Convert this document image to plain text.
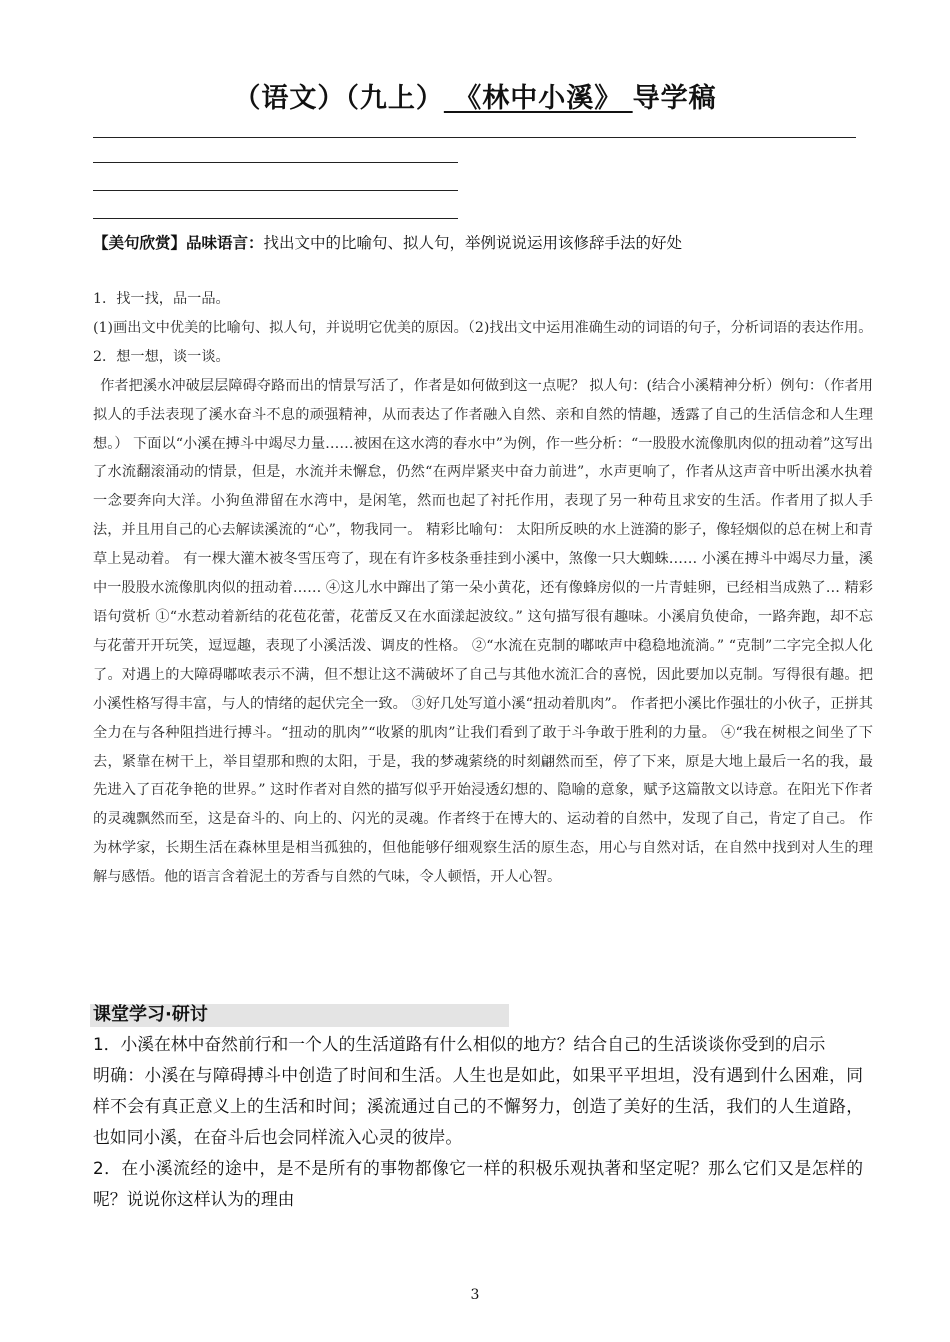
（语文）（九上） 《林中小溪》 导学稿
【美句欣赏】品味语言：找出文中的比喻句、拟人句，举例说说运用该修辞手法的好处

1．找一找，品一品。

(1)画出文中优美的比喻句、拟人句，并说明它优美的原因。（2)找出文中运用准确生动的词语的句子，分析词语的表达作用。

2．想一想，谈一谈。

作者把溪水冲破层层障碍夺路而出的情景写活了，作者是如何做到这一点呢？ 拟人句：(结合小溪精神分析）例句：（作者用拟人的手法表现了溪水奋斗不息的顽强精神，从而表达了作者融入自然、亲和自然的情趣，透露了自己的生活信念和人生理想。） 下面以“小溪在搏斗中竭尽力量……被困在这水湾的春水中”为例，作一些分析：“一股股水流像肌肉似的扭动着”这写出了水流翻滚涌动的情景，但是，水流并未懈怠，仍然“在两岸紧夹中奋力前进”，水声更响了，作者从这声音中听出溪水执着一念要奔向大洋。小狗鱼滞留在水湾中，是闲笔，然而也起了衬托作用，表现了另一种苟且求安的生活。作者用了拟人手法，并且用自己的心去解读溪流的“心”，物我同一。 精彩比喻句： 太阳所反映的水上涟漪的影子，像轻烟似的总在树上和青草上晃动着。 有一棵大灌木被冬雪压弯了，现在有许多枝条垂挂到小溪中，煞像一只大蜘蛛…… 小溪在搏斗中竭尽力量，溪中一股股水流像肌肉似的扭动着…… ④这儿水中蹿出了第一朵小黄花，还有像蜂房似的一片青蛙卵，已经相当成熟了… 精彩语句赏析 ①“水惹动着新结的花苞花蕾，花蕾反又在水面漾起波纹。” 这句描写很有趣味。小溪肩负使命，一路奔跑，却不忘与花蕾开开玩笑，逗逗趣，表现了小溪活泼、调皮的性格。 ②“水流在克制的嘟哝声中稳稳地流淌。” “克制”二字完全拟人化了。对遇上的大障碍嘟哝表示不满，但不想让这不满破坏了自己与其他水流汇合的喜悦，因此要加以克制。写得很有趣。把小溪性格写得丰富，与人的情绪的起伏完全一致。 ③好几处写道小溪“扭动着肌肉”。 作者把小溪比作强壮的小伙子，正拼其全力在与各种阻挡进行搏斗。“扭动的肌肉”“收紧的肌肉”让我们看到了敢于斗争敢于胜利的力量。 ④“我在树根之间坐了下去，紧靠在树干上，举目望那和煦的太阳，于是，我的梦魂萦绕的时刻翩然而至，停了下来，原是大地上最后一名的我，最先进入了百花争艳的世界。” 这时作者对自然的描写似乎开始浸透幻想的、隐喻的意象，赋予这篇散文以诗意。在阳光下作者的灵魂飘然而至，这是奋斗的、向上的、闪光的灵魂。作者终于在博大的、运动着的自然中，发现了自己，肯定了自己。 作为林学家，长期生活在森林里是相当孤独的，但他能够仔细观察生活的原生态，用心与自然对话，在自然中找到对人生的理解与感悟。他的语言含着泥土的芳香与自然的气味，令人顿悟，开人心智。

课堂学习·研讨

1．小溪在林中奋然前行和一个人的生活道路有什么相似的地方？结合自己的生活谈谈你受到的启示

明确：小溪在与障碍搏斗中创造了时间和生活。人生也是如此，如果平平坦坦，没有遇到什么困难，同样不会有真正意义上的生活和时间；溪流通过自己的不懈努力，创造了美好的生活，我们的人生道路，也如同小溪，在奋斗后也会同样流入心灵的彼岸。

2．在小溪流经的途中，是不是所有的事物都像它一样的积极乐观执著和坚定呢？那么它们又是怎样的呢？说说你这样认为的理由

3
